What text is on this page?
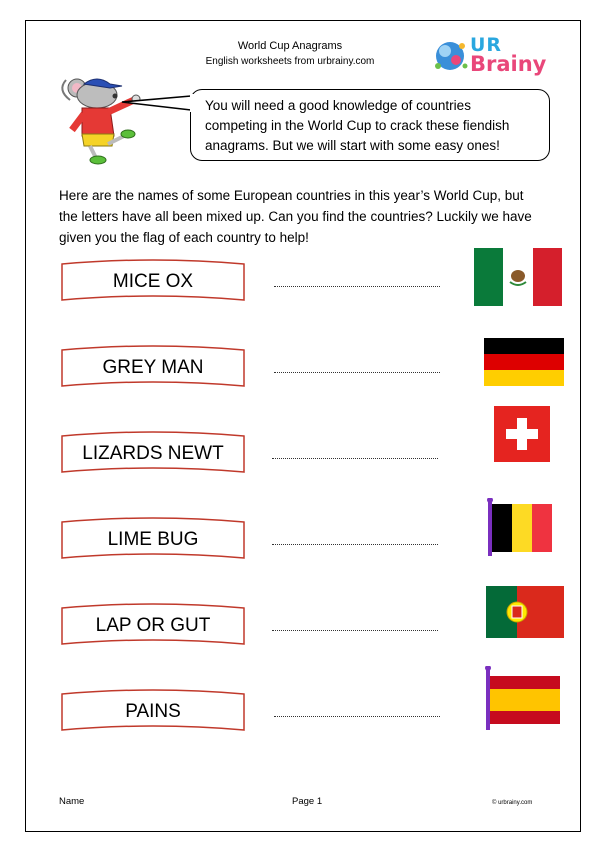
World Cup Anagrams
English worksheets from urbrainy.com
UR
Brainy
You will need a good knowledge of countries
competing in the World Cup to crack these fiendish
anagrams. But we will start with some easy ones!
Here are the names of some European countries in this year’s World Cup, but
the letters have all been mixed up. Can you find the countries? Luckily we have
given you the flag of each country to help!
MICE OX
GREY MAN
LIZARDS NEWT
LIME BUG
LAP OR GUT
PAINS
Name	Page 1	© urbrainy.com
